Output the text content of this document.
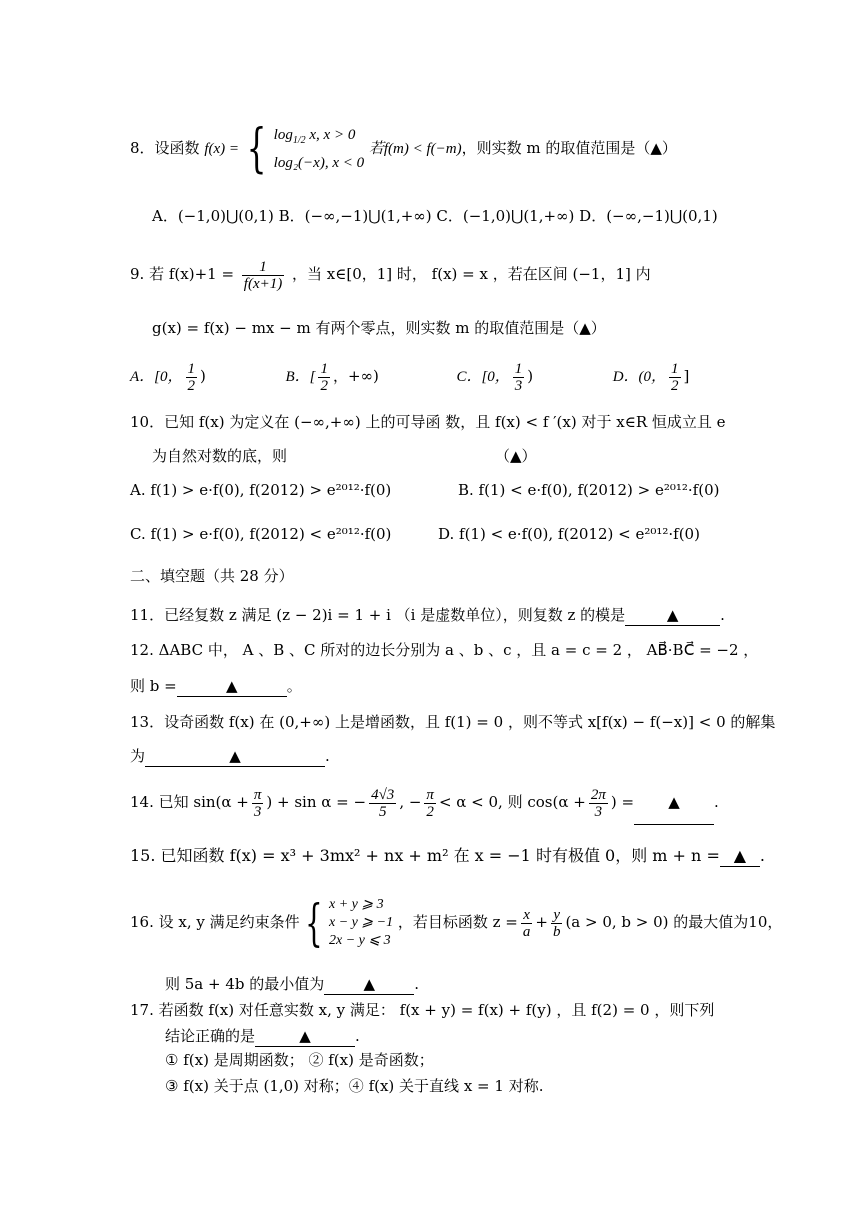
8．设函数 f(x) = { $\log_{1/2} x$, x > 0
log₂(−x), x < 0
若f(m) < f(−m)，则实数 m 的取值范围是（▲）
A．(−1,0)⋃(0,1) B．(−∞,−1)⋃(1,+∞) C．(−1,0)⋃(1,+∞) D．(−∞,−1)⋃(0,1)
9. 若 $f(x)+1 = \frac{1}{f(x+1)}$ ，当 x∈[0，1] 时， f(x) = x ，若在区间 (−1，1] 内
g(x) = f(x) − mx − m 有两个零点，则实数 m 的取值范围是（▲）
A．[0， $\frac{1}{2}$ )	B．[ $\frac{1}{2}$ ，+∞)	C．[0， $\frac{1}{3}$ )	D．(0， $\frac{1}{2}$ ]
10．已知 f(x) 为定义在 (−∞,+∞) 上的可导函 数，且 f(x) < f ′(x) 对于 x∈R 恒成立且 e
为自然对数的底，则	（▲）
A. f(1) > e·f(0), f(2012) > e²⁰¹²·f(0)	B. f(1) < e·f(0), f(2012) > e²⁰¹²·f(0)
C. f(1) > e·f(0), f(2012) < e²⁰¹²·f(0)	D. f(1) < e·f(0), f(2012) < e²⁰¹²·f(0)
二、填空题（共 28 分）
11．已经复数 z 满足 (z − 2)i = 1 + i （i 是虚数单位），则复数 z 的模是	▲	.
12. ΔABC 中， A 、B 、C 所对的边长分别为 a 、b 、c ，且 a = c = 2 ， AB⃗·BC⃗ = −2 ，
则 b =	▲	。
13．设奇函数 f(x) 在 (0,+∞) 上是增函数，且 f(1) = 0 ，则不等式 x[f(x) − f(−x)] < 0 的解集
为	▲	.
14. 已知 $\sin(\alpha + \frac{\pi}{3}$ ) + sin α = − $\frac{4√3}{5}$ , − $\frac{\pi}{2} < \alpha < 0$, 则 $\cos(\alpha + \frac{2\pi}{3}$ ) = ▲ .
15. 已知函数 f(x) = x³ + 3mx² + nx + m² 在 x = −1 时有极值 0，则 m + n = ▲ .
16. 设 x, y 满足约束条件 { x + y ⩾ 3
x − y ⩾ −1
2x − y ⩽ 3
，若目标函数 $z = \frac{x}{a} + \frac{y}{b} (a > 0$, b > 0) 的最大值为10，
则 5a + 4b 的最小值为	▲	.
17. 若函数 f(x) 对任意实数 x, y 满足： f(x + y) = f(x) + f(y) ，且 f(2) = 0 ，则下列
结论正确的是	▲	.
① f(x) 是周期函数； ② f(x) 是奇函数；
③ f(x) 关于点 (1,0) 对称；④ f(x) 关于直线 x = 1 对称.
